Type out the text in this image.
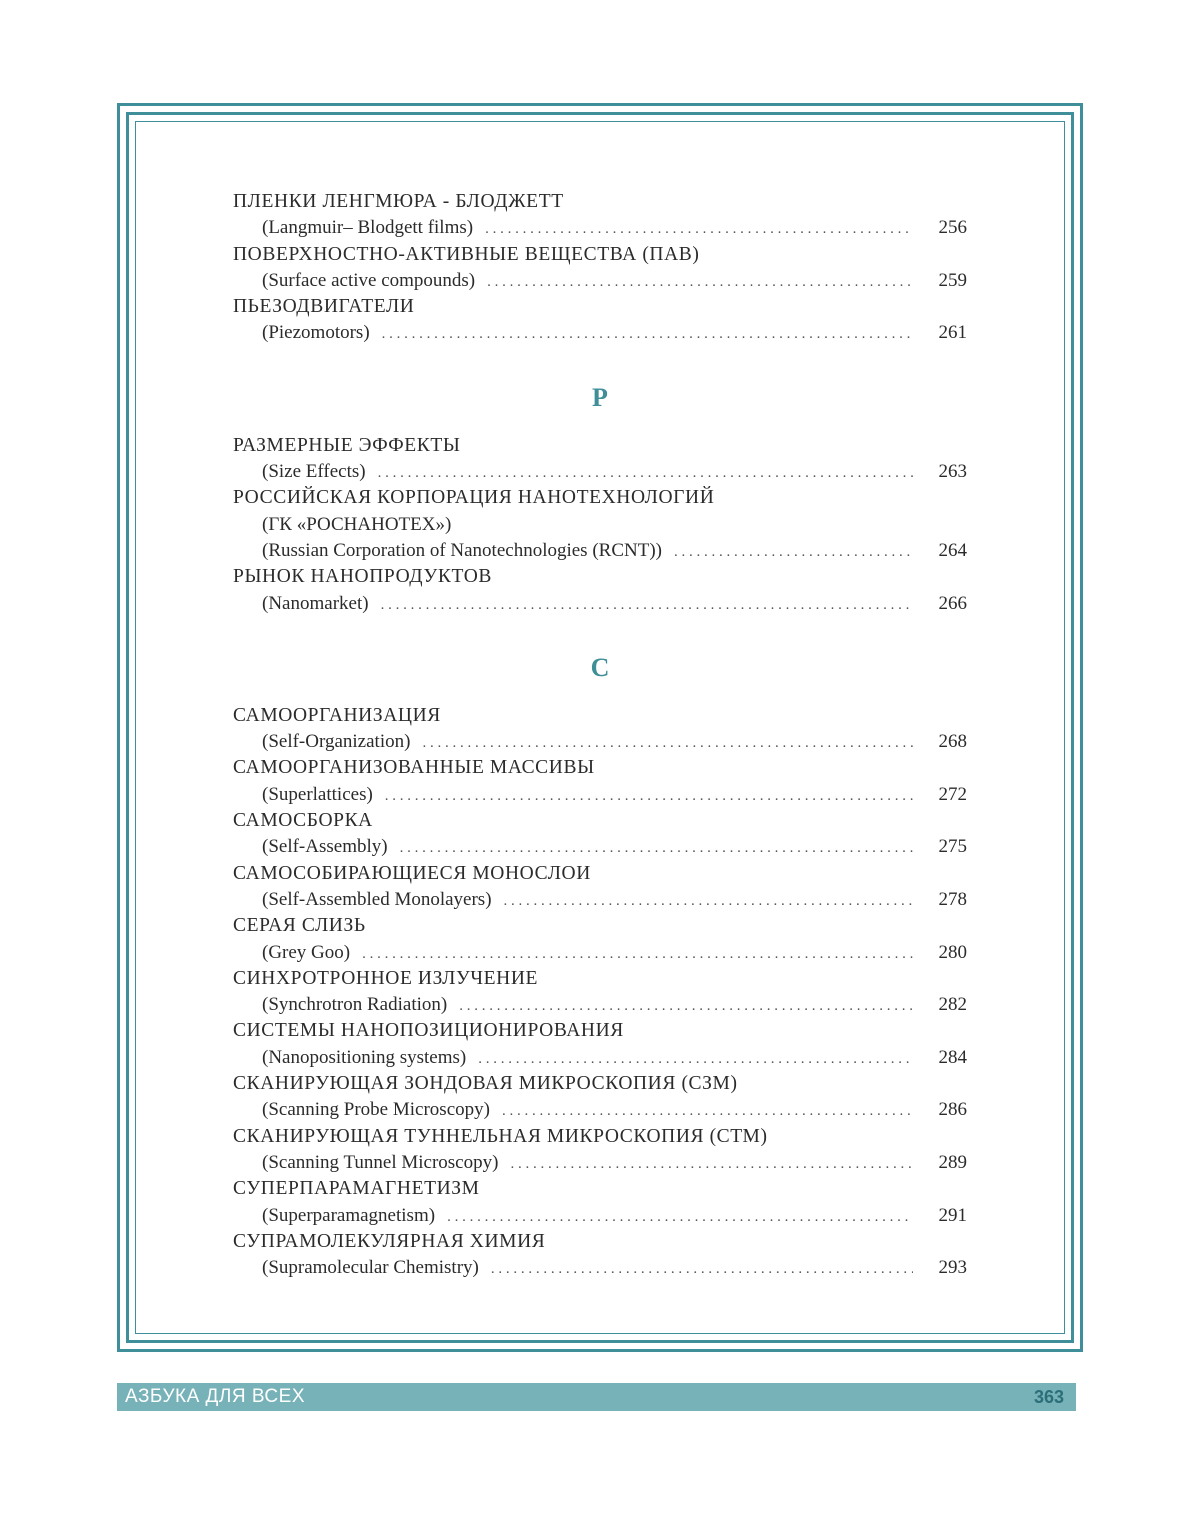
ПЛЕНКИ ЛЕНГМЮРА - БЛОДЖЕТТ
(Langmuir– Blodgett films) . . .	256
ПОВЕРХНОСТНО-АКТИВНЫЕ ВЕЩЕСТВА (ПАВ)
(Surface active compounds) . . .	259
ПЬЕЗОДВИГАТЕЛИ
(Piezomotors) . . .	261
Р
РАЗМЕРНЫЕ ЭФФЕКТЫ
(Size Effects) . . .	263
РОССИЙСКАЯ КОРПОРАЦИЯ НАНОТЕХНОЛОГИЙ
(ГК «РОСНАНОТЕХ»)
(Russian Corporation of Nanotechnologies (RCNT)) . . .	264
РЫНОК НАНОПРОДУКТОВ
(Nanomarket) . . .	266
С
САМООРГАНИЗАЦИЯ
(Self-Organization) . . .	268
САМООРГАНИЗОВАННЫЕ МАССИВЫ
(Superlattices) . . .	272
САМОСБОРКА
(Self-Assembly) . . .	275
САМОСОБИРАЮЩИЕСЯ МОНОСЛОИ
(Self-Assembled Monolayers) . . .	278
СЕРАЯ СЛИЗЬ
(Grey Goo) . . .	280
СИНХРОТРОННОЕ ИЗЛУЧЕНИЕ
(Synchrotron Radiation) . . .	282
СИСТЕМЫ НАНОПОЗИЦИОНИРОВАНИЯ
(Nanopositioning systems) . . .	284
СКАНИРУЮЩАЯ ЗОНДОВАЯ МИКРОСКОПИЯ (СЗМ)
(Scanning Probe Microscopy) . . .	286
СКАНИРУЮЩАЯ ТУННЕЛЬНАЯ МИКРОСКОПИЯ (СТМ)
(Scanning Tunnel Microscopy) . . .	289
СУПЕРПАРАМАГНЕТИЗМ
(Superparamagnetism) . . .	291
СУПРАМОЛЕКУЛЯРНАЯ ХИМИЯ
(Supramolecular Chemistry) . . .	293
АЗБУКА ДЛЯ ВСЕХ	363
